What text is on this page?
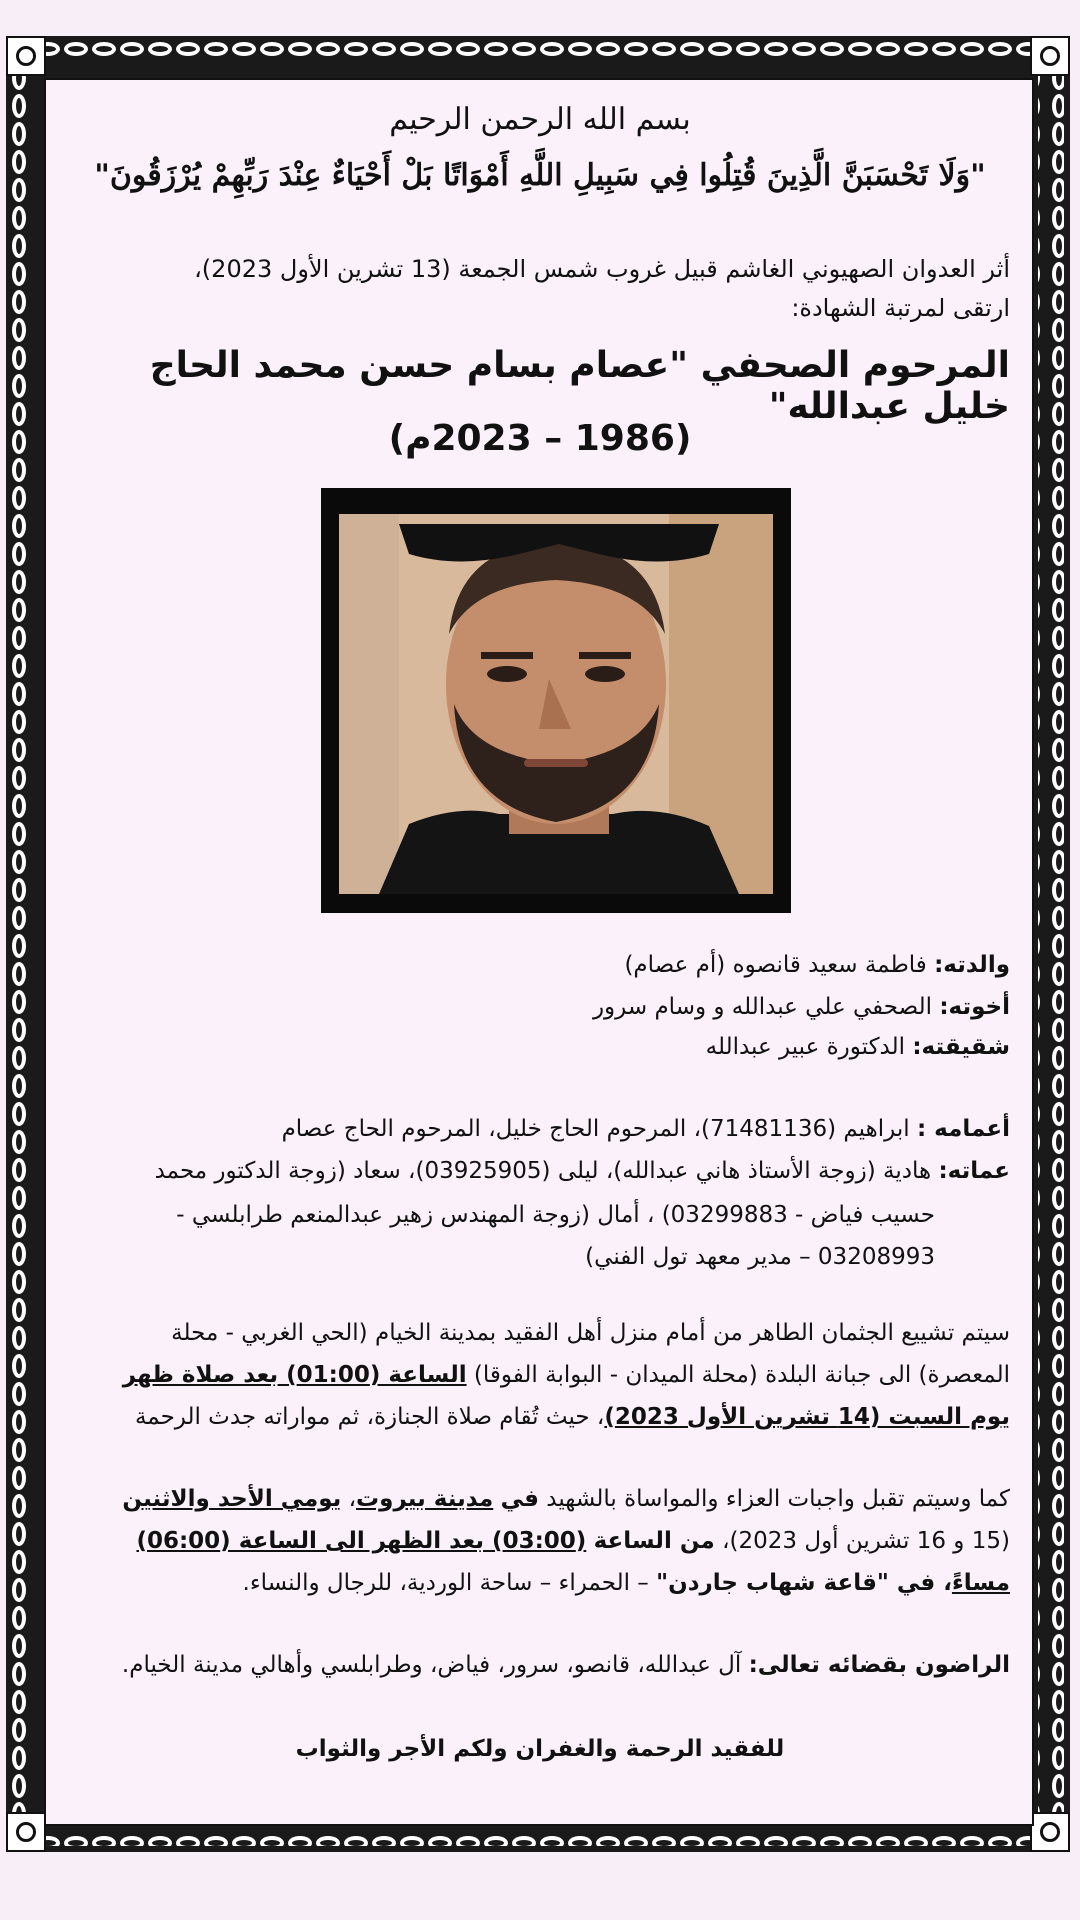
بسم الله الرحمن الرحيم
"وَلَا تَحْسَبَنَّ الَّذِينَ قُتِلُوا فِي سَبِيلِ اللَّهِ أَمْوَاتًا بَلْ أَحْيَاءٌ عِنْدَ رَبِّهِمْ يُرْزَقُونَ"
أثر العدوان الصهيوني الغاشم قبيل غروب شمس الجمعة (13 تشرين الأول 2023)،
ارتقى لمرتبة الشهادة:
المرحوم الصحفي "عصام بسام حسن محمد الحاج خليل عبدالله"
(1986 – 2023م)
والدته: فاطمة سعيد قانصوه (أم عصام)
أخوته: الصحفي علي عبدالله و وسام سرور
شقيقته: الدكتورة عبير عبدالله
أعمامه : ابراهيم (71481136)، المرحوم الحاج خليل، المرحوم الحاج عصام
عماته: هادية (زوجة الأستاذ هاني عبدالله)، ليلى (03925905)، سعاد (زوجة الدكتور محمد
حسيب فياض - 03299883) ، أمال (زوجة المهندس زهير عبدالمنعم طرابلسي -
03208993 – مدير معهد تول الفني)
سيتم تشييع الجثمان الطاهر من أمام منزل أهل الفقيد بمدينة الخيام (الحي الغربي - محلة
المعصرة) الى جبانة البلدة (محلة الميدان - البوابة الفوقا) الساعة (01:00) بعد صلاة ظهر
يوم السبت (14 تشرين الأول 2023)، حيث تُقام صلاة الجنازة، ثم مواراته جدث الرحمة
كما وسيتم تقبل واجبات العزاء والمواساة بالشهيد في مدينة بيروت، يومي الأحد والاثنين
(15 و 16 تشرين أول 2023)، من الساعة (03:00) بعد الظهر الى الساعة (06:00)
مساءً، في "قاعة شهاب جاردن" – الحمراء – ساحة الوردية، للرجال والنساء.
الراضون بقضائه تعالى: آل عبدالله، قانصو، سرور، فياض، وطرابلسي وأهالي مدينة الخيام.
للفقيد الرحمة والغفران ولكم الأجر والثواب
